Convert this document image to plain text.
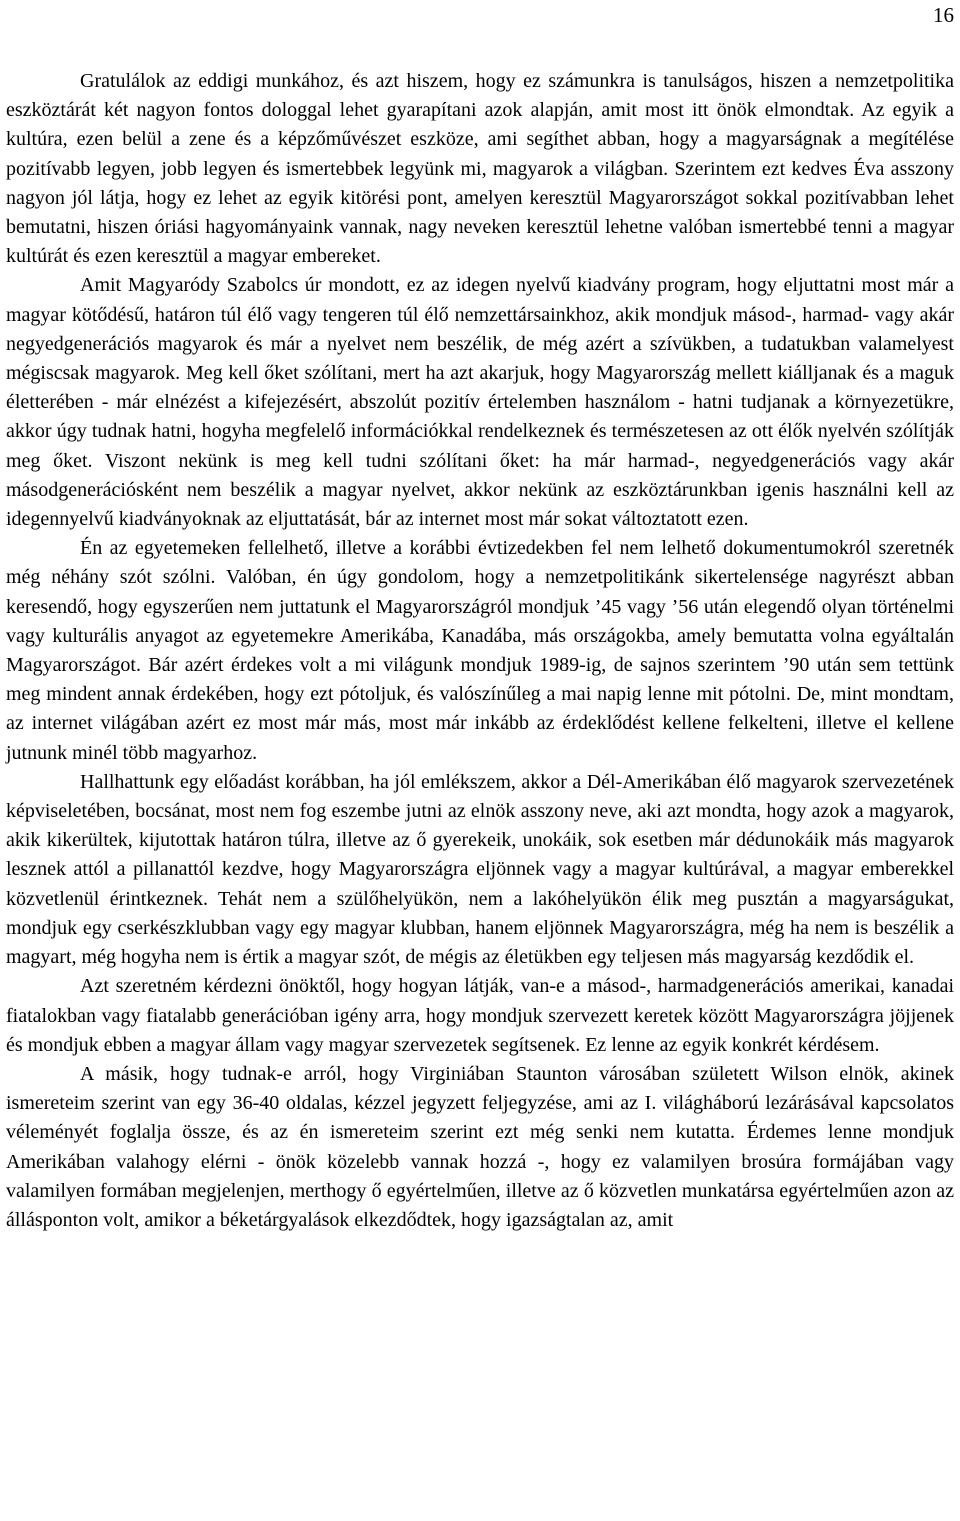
16

Gratulálok az eddigi munkához, és azt hiszem, hogy ez számunkra is tanulságos, hiszen a nemzetpolitika eszköztárát két nagyon fontos dologgal lehet gyarapítani azok alapján, amit most itt önök elmondtak. Az egyik a kultúra, ezen belül a zene és a képzőművészet eszköze, ami segíthet abban, hogy a magyarságnak a megítélése pozitívabb legyen, jobb legyen és ismertebbek legyünk mi, magyarok a világban. Szerintem ezt kedves Éva asszony nagyon jól látja, hogy ez lehet az egyik kitörési pont, amelyen keresztül Magyarországot sokkal pozitívabban lehet bemutatni, hiszen óriási hagyományaink vannak, nagy neveken keresztül lehetne valóban ismertebbé tenni a magyar kultúrát és ezen keresztül a magyar embereket.

Amit Magyaródy Szabolcs úr mondott, ez az idegen nyelvű kiadvány program, hogy eljuttatni most már a magyar kötődésű, határon túl élő vagy tengeren túl élő nemzettársainkhoz, akik mondjuk másod-, harmad- vagy akár negyedgenerációs magyarok és már a nyelvet nem beszélik, de még azért a szívükben, a tudatukban valamelyest mégiscsak magyarok. Meg kell őket szólítani, mert ha azt akarjuk, hogy Magyarország mellett kiálljanak és a maguk életterében - már elnézést a kifejezésért, abszolút pozitív értelemben használom - hatni tudjanak a környezetükre, akkor úgy tudnak hatni, hogyha megfelelő információkkal rendelkeznek és természetesen az ott élők nyelvén szólítják meg őket. Viszont nekünk is meg kell tudni szólítani őket: ha már harmad-, negyedgenerációs vagy akár másodgenerációsként nem beszélik a magyar nyelvet, akkor nekünk az eszköztárunkban igenis használni kell az idegennyelvű kiadványoknak az eljuttatását, bár az internet most már sokat változtatott ezen.

Én az egyetemeken fellelhető, illetve a korábbi évtizedekben fel nem lelhető dokumentumokról szeretnék még néhány szót szólni. Valóban, én úgy gondolom, hogy a nemzetpolitikánk sikertelensége nagyrészt abban keresendő, hogy egyszerűen nem juttatunk el Magyarországról mondjuk ’45 vagy ’56 után elegendő olyan történelmi vagy kulturális anyagot az egyetemekre Amerikába, Kanadába, más országokba, amely bemutatta volna egyáltalán Magyarországot. Bár azért érdekes volt a mi világunk mondjuk 1989-ig, de sajnos szerintem ’90 után sem tettünk meg mindent annak érdekében, hogy ezt pótoljuk, és valószínűleg a mai napig lenne mit pótolni. De, mint mondtam, az internet világában azért ez most már más, most már inkább az érdeklődést kellene felkelteni, illetve el kellene jutnunk minél több magyarhoz.

Hallhattunk egy előadást korábban, ha jól emlékszem, akkor a Dél-Amerikában élő magyarok szervezetének képviseletében, bocsánat, most nem fog eszembe jutni az elnök asszony neve, aki azt mondta, hogy azok a magyarok, akik kikerültek, kijutottak határon túlra, illetve az ő gyerekeik, unokáik, sok esetben már dédunokáik más magyarok lesznek attól a pillanattól kezdve, hogy Magyarországra eljönnek vagy a magyar kultúrával, a magyar emberekkel közvetlenül érintkeznek. Tehát nem a szülőhelyükön, nem a lakóhelyükön élik meg pusztán a magyarságukat, mondjuk egy cserkészklubban vagy egy magyar klubban, hanem eljönnek Magyarországra, még ha nem is beszélik a magyart, még hogyha nem is értik a magyar szót, de mégis az életükben egy teljesen más magyarság kezdődik el.

Azt szeretném kérdezni önöktől, hogy hogyan látják, van-e a másod-, harmadgenerációs amerikai, kanadai fiatalokban vagy fiatalabb generációban igény arra, hogy mondjuk szervezett keretek között Magyarországra jöjjenek és mondjuk ebben a magyar állam vagy magyar szervezetek segítsenek. Ez lenne az egyik konkrét kérdésem.

A másik, hogy tudnak-e arról, hogy Virginiában Staunton városában született Wilson elnök, akinek ismereteim szerint van egy 36-40 oldalas, kézzel jegyzett feljegyzése, ami az I. világháború lezárásával kapcsolatos véleményét foglalja össze, és az én ismereteim szerint ezt még senki nem kutatta. Érdemes lenne mondjuk Amerikában valahogy elérni - önök közelebb vannak hozzá -, hogy ez valamilyen brosúra formájában vagy valamilyen formában megjelenjen, merthogy ő egyértelműen, illetve az ő közvetlen munkatársa egyértelműen azon az állásponton volt, amikor a béketárgyalások elkezdődtek, hogy igazságtalan az, amit
